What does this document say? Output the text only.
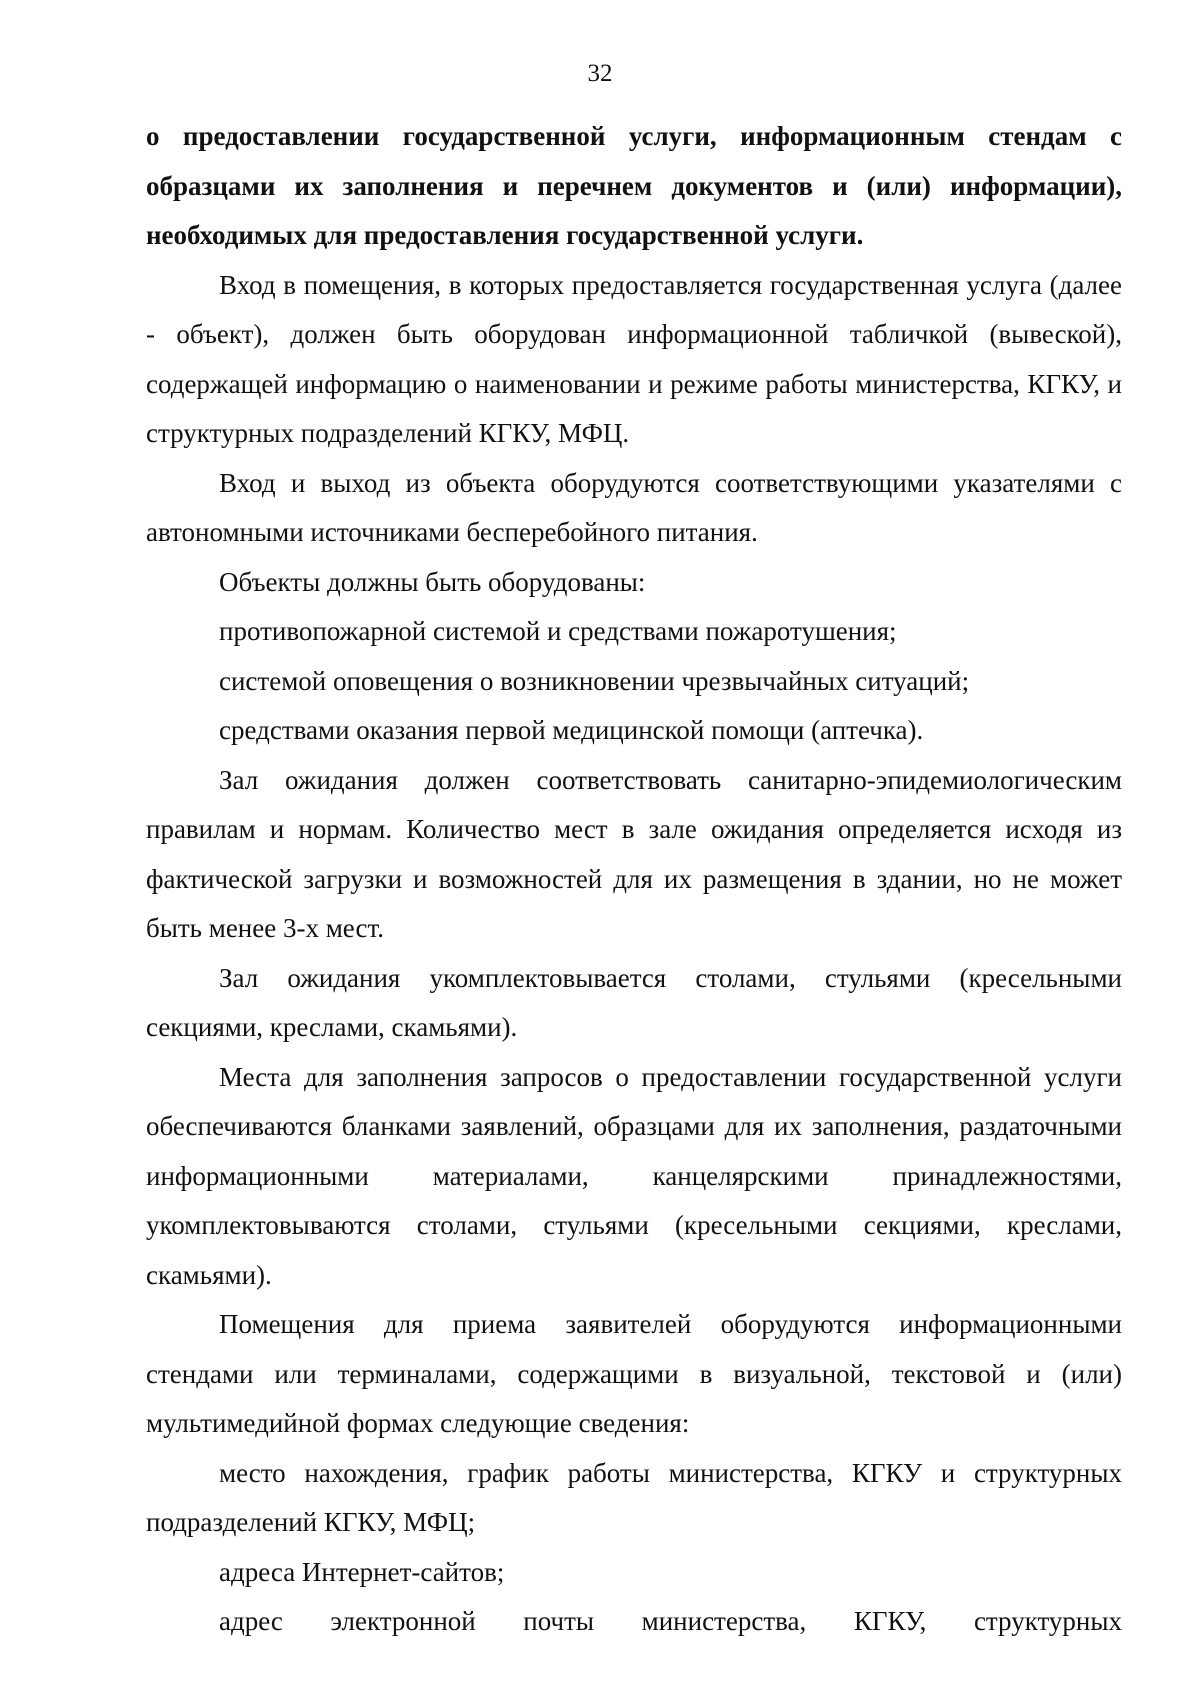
32

о предоставлении государственной услуги, информационным стендам с образцами их заполнения и перечнем документов и (или) информации), необходимых для предоставления государственной услуги.

Вход в помещения, в которых предоставляется государственная услуга (далее - объект), должен быть оборудован информационной табличкой (вывеской), содержащей информацию о наименовании и режиме работы министерства, КГКУ, и структурных подразделений КГКУ, МФЦ.

Вход и выход из объекта оборудуются соответствующими указателями с автономными источниками бесперебойного питания.

Объекты должны быть оборудованы:

противопожарной системой и средствами пожаротушения;

системой оповещения о возникновении чрезвычайных ситуаций;

средствами оказания первой медицинской помощи (аптечка).

Зал ожидания должен соответствовать санитарно-эпидемиологическим правилам и нормам. Количество мест в зале ожидания определяется исходя из фактической загрузки и возможностей для их размещения в здании, но не может быть менее 3-х мест.

Зал ожидания укомплектовывается столами, стульями (кресельными секциями, креслами, скамьями).

Места для заполнения запросов о предоставлении государственной услуги обеспечиваются бланками заявлений, образцами для их заполнения, раздаточными информационными материалами, канцелярскими принадлежностями, укомплектовываются столами, стульями (кресельными секциями, креслами, скамьями).

Помещения для приема заявителей оборудуются информационными стендами или терминалами, содержащими в визуальной, текстовой и (или) мультимедийной формах следующие сведения:

место нахождения, график работы министерства, КГКУ и структурных подразделений КГКУ, МФЦ;

адреса Интернет-сайтов;

адрес электронной почты министерства, КГКУ, структурных
